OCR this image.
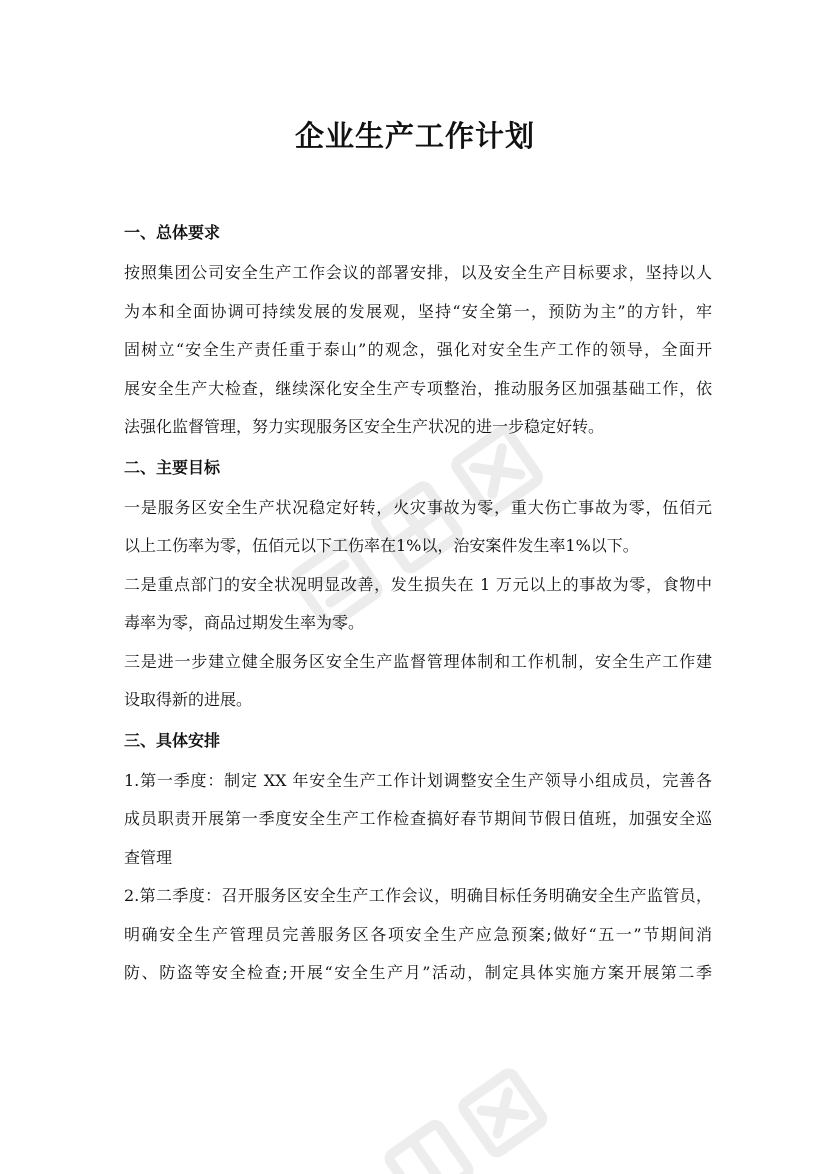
企业生产工作计划
一、总体要求

按照集团公司安全生产工作会议的部署安排，以及安全生产目标要求，坚持以人
为本和全面协调可持续发展的发展观，坚持“安全第一，预防为主”的方针，牢
固树立“安全生产责任重于泰山”的观念，强化对安全生产工作的领导，全面开
展安全生产大检查，继续深化安全生产专项整治，推动服务区加强基础工作，依
法强化监督管理，努力实现服务区安全生产状况的进一步稳定好转。

二、主要目标

一是服务区安全生产状况稳定好转，火灾事故为零，重大伤亡事故为零，伍佰元
以上工伤率为零，伍佰元以下工伤率在1%以，治安案件发生率1%以下。

二是重点部门的安全状况明显改善，发生损失在 1 万元以上的事故为零，食物中
毒率为零，商品过期发生率为零。

三是进一步建立健全服务区安全生产监督管理体制和工作机制，安全生产工作建
设取得新的进展。

三、具体安排

1.第一季度：制定 XX 年安全生产工作计划调整安全生产领导小组成员，完善各
成员职责开展第一季度安全生产工作检查搞好春节期间节假日值班，加强安全巡
查管理

2.第二季度：召开服务区安全生产工作会议，明确目标任务明确安全生产监管员，
明确安全生产管理员完善服务区各项安全生产应急预案;做好“五一”节期间消
防、防盗等安全检查;开展“安全生产月”活动，制定具体实施方案开展第二季
